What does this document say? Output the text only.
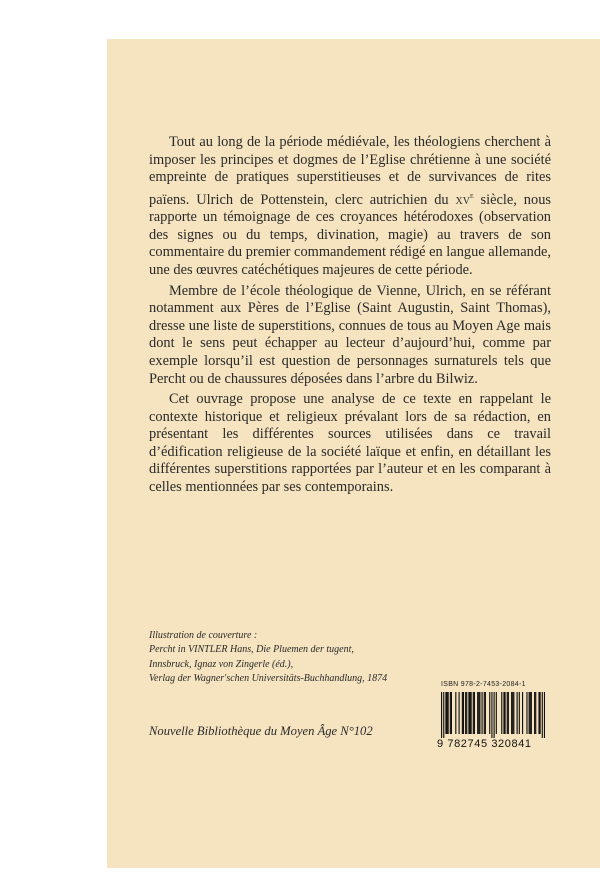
Tout au long de la période médiévale, les théologiens cherchent à imposer les principes et dogmes de l’Eglise chrétienne à une société empreinte de pratiques superstitieuses et de survivances de rites païens. Ulrich de Pottenstein, clerc autrichien du $xv^e$ siècle, nous rapporte un témoignage de ces croyances hétérodoxes (observation des signes ou du temps, divination, magie) au travers de son commentaire du premier commandement rédigé en langue allemande, une des œuvres catéchétiques majeures de cette période.

Membre de l’école théologique de Vienne, Ulrich, en se référant notamment aux Pères de l’Eglise (Saint Augustin, Saint Thomas), dresse une liste de superstitions, connues de tous au Moyen Age mais dont le sens peut échapper au lecteur d’aujourd’hui, comme par exemple lorsqu’il est question de personnages surnaturels tels que Percht ou de chaussures déposées dans l’arbre du Bilwiz.

Cet ouvrage propose une analyse de ce texte en rappelant le contexte historique et religieux prévalant lors de sa rédaction, en présentant les différentes sources utilisées dans ce travail d’édification religieuse de la société laïque et enfin, en détaillant les différentes superstitions rapportées par l’auteur et en les comparant à celles mentionnées par ses contemporains.

Illustration de couverture :
Percht in VINTLER Hans, Die Pluemen der tugent,
Innsbruck, Ignaz von Zingerle (éd.),
Verlag der Wagner'schen Universitäts-Buchhandlung, 1874
Nouvelle Bibliothèque du Moyen Âge N°102
ISBN 978-2-7453-2084-1
9 782745 320841
